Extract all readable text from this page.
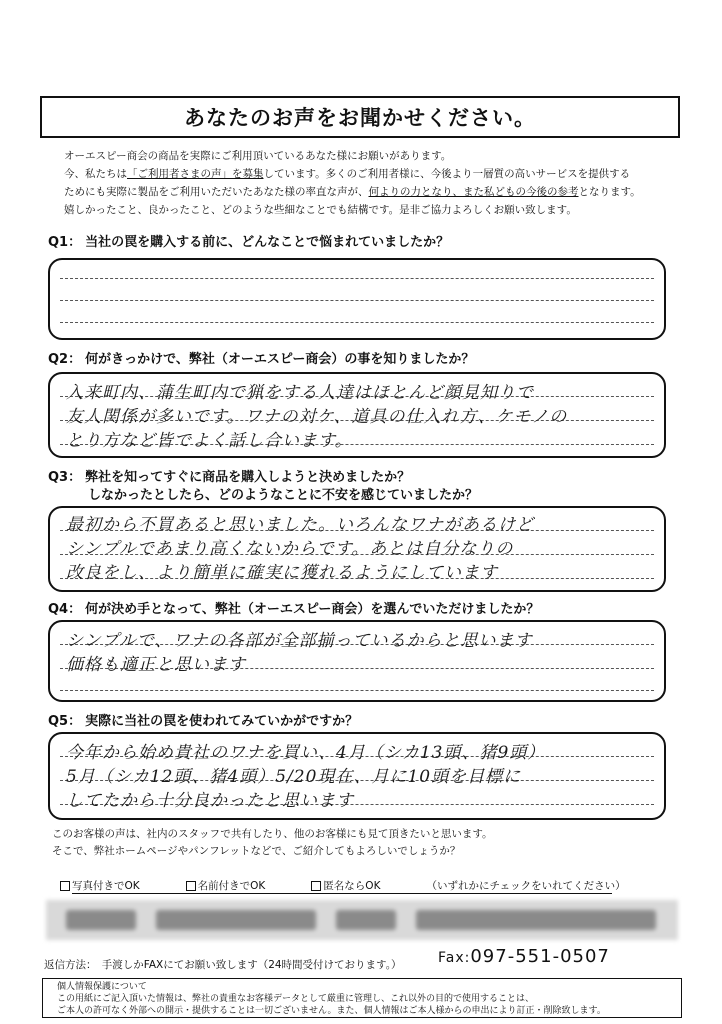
あなたのお声をお聞かせください。
オーエスピー商会の商品を実際にご利用頂いているあなた様にお願いがあります。
今、私たちは「ご利用者さまの声」を募集しています。多くのご利用者様に、今後より一層質の高いサービスを提供する
ためにも実際に製品をご利用いただいたあなた様の率直な声が、何よりの力となり、また私どもの今後の参考となります。
嬉しかったこと、良かったこと、どのような些細なことでも結構です。是非ご協力よろしくお願い致します。
Q1： 当社の罠を購入する前に、どんなことで悩まれていましたか？
Q2： 何がきっかけで、弊社（オーエスピー商会）の事を知りましたか？
入来町内、蒲生町内で猟をする人達はほとんど顔見知りで
友人関係が多いです。ワナの対ケ、道具の仕入れ方、ケモノの
とり方など皆でよく話し合います。
Q3： 弊社を知ってすぐに商品を購入しようと決めましたか？
しなかったとしたら、どのようなことに不安を感じていましたか？
最初から不買あると思いました。いろんなワナがあるけど
シンプルであまり高くないからです。あとは自分なりの
改良をし、より簡単に確実に獲れるようにしています
Q4： 何が決め手となって、弊社（オーエスピー商会）を選んでいただけましたか？
シンプルで、ワナの各部が全部揃っているからと思います
価格も適正と思います
Q5： 実際に当社の罠を使われてみていかがですか？
今年から始め貴社のワナを買い、4月（シカ13頭、猪9頭）
5月（シカ12頭、猪4頭）5/20現在、月に10頭を目標に
してたから十分良かったと思います
このお客様の声は、社内のスタッフで共有したり、他のお客様にも見て頂きたいと思います。
そこで、弊社ホームページやパンフレットなどで、ご紹介してもよろしいでしょうか？
写真付きでOK	名前付きでOK	匿名ならOK	（いずれかにチェックをいれてください）
返信方法：　手渡しかFAXにてお願い致します（24時間受付けております。）	Fax:097-551-0507
個人情報保護について
この用紙にご記入頂いた情報は、弊社の貴重なお客様データとして厳重に管理し、これ以外の目的で使用することは、
ご本人の許可なく外部への開示・提供することは一切ございません。また、個人情報はご本人様からの申出により訂正・削除致します。
